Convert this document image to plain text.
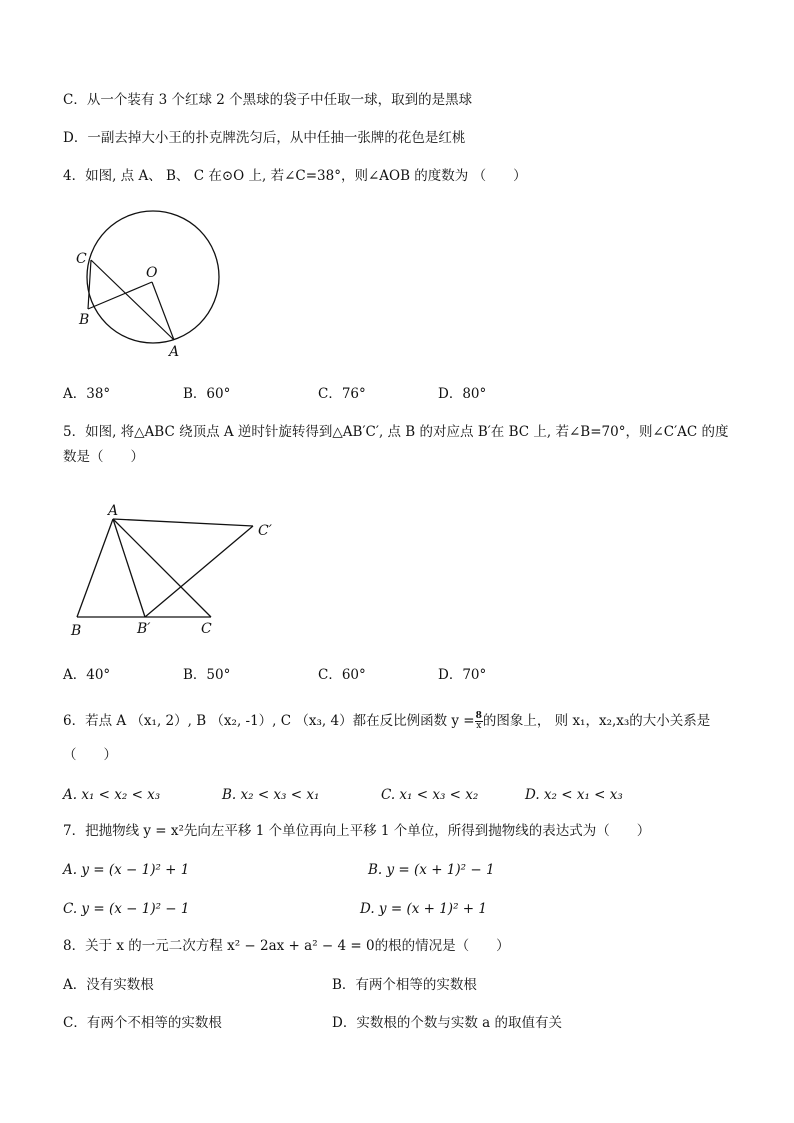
C．从一个装有 3 个红球 2 个黑球的袋子中任取一球，取到的是黑球
D．一副去掉大小王的扑克牌洗匀后，从中任抽一张牌的花色是红桃
4．如图, 点 A、 B、 C 在⊙O 上, 若∠C=38°，则∠AOB 的度数为 （　　）
C
O
B
A
A．38°	B．60°	C．76°	D．80°
5．如图, 将△ABC 绕顶点 A 逆时针旋转得到△AB′C′, 点 B 的对应点 B′在 BC 上, 若∠B=70°，则∠C′AC 的度
数是（　　）
A
C′
B	B′	C
A．40°	B．50°	C．60°	D．70°
6．若点 A （x₁, 2）, B （x₂, -1）, C （x₃, 4）都在反比例函数 $y = \frac{8}{x}$ 的图象上， 则 x₁，x₂,x₃的大小关系是
（　　）
A. x₁ < x₂ < x₃	B. x₂ < x₃ < x₁	C. x₁ < x₃ < x₂	D. x₂ < x₁ < x₃
7．把抛物线 y = x²先向左平移 1 个单位再向上平移 1 个单位，所得到抛物线的表达式为（　　）
A. y = (x − 1)² + 1	B. y = (x + 1)² − 1
C. y = (x − 1)² − 1	D. y = (x + 1)² + 1
8．关于 x 的一元二次方程 x² − 2ax + a² − 4 = 0的根的情况是（　　）
A．没有实数根	B．有两个相等的实数根
C．有两个不相等的实数根	D．实数根的个数与实数 a 的取值有关
